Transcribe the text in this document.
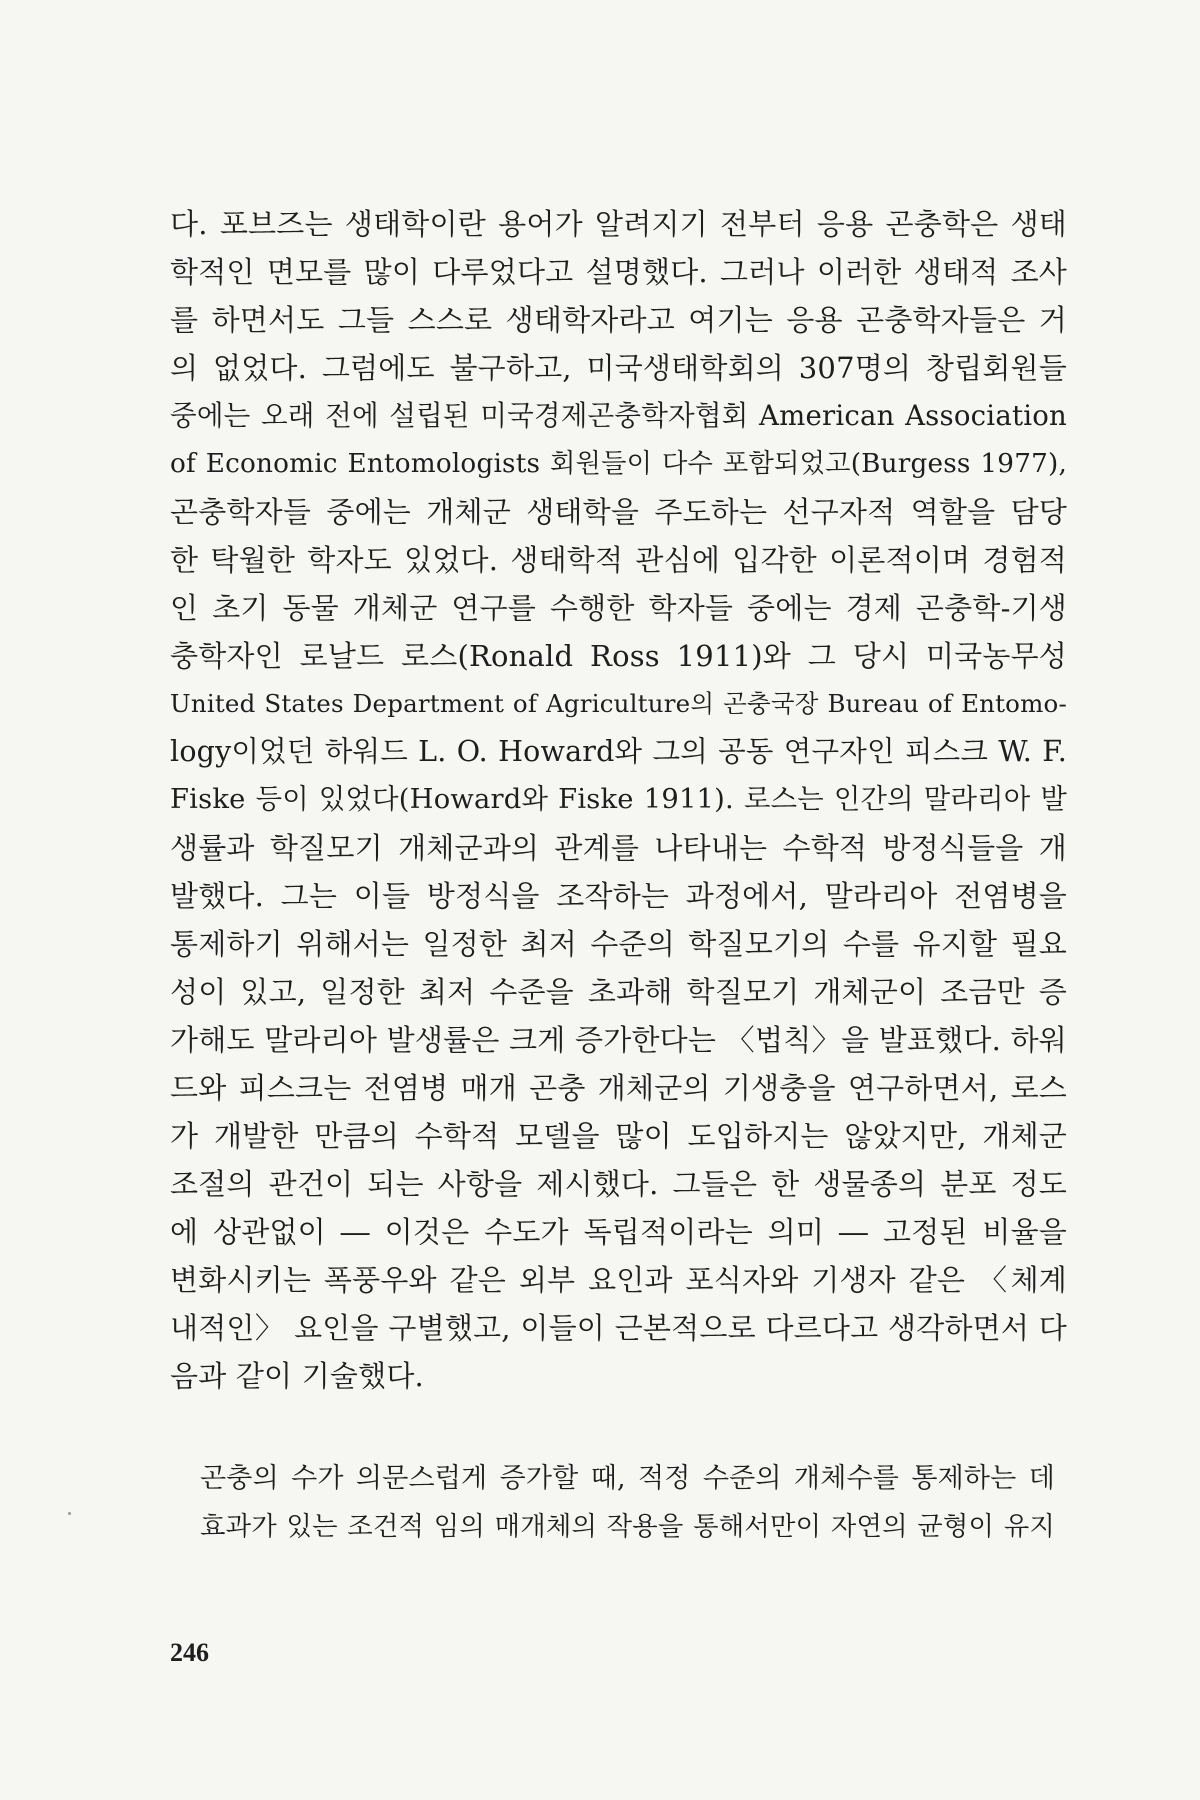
다. 포브즈는 생태학이란 용어가 알려지기 전부터 응용 곤충학은 생태
학적인 면모를 많이 다루었다고 설명했다. 그러나 이러한 생태적 조사
를 하면서도 그들 스스로 생태학자라고 여기는 응용 곤충학자들은 거
의 없었다. 그럼에도 불구하고, 미국생태학회의 307명의 창립회원들
중에는 오래 전에 설립된 미국경제곤충학자협회 American Association
of Economic Entomologists 회원들이 다수 포함되었고(Burgess 1977),
곤충학자들 중에는 개체군 생태학을 주도하는 선구자적 역할을 담당
한 탁월한 학자도 있었다. 생태학적 관심에 입각한 이론적이며 경험적
인 초기 동물 개체군 연구를 수행한 학자들 중에는 경제 곤충학-기생
충학자인 로날드 로스(Ronald Ross 1911)와 그 당시 미국농무성
United States Department of Agriculture의 곤충국장 Bureau of Entomo-
logy이었던 하워드 L. O. Howard와 그의 공동 연구자인 피스크 W. F.
Fiske 등이 있었다(Howard와 Fiske 1911). 로스는 인간의 말라리아 발
생률과 학질모기 개체군과의 관계를 나타내는 수학적 방정식들을 개
발했다. 그는 이들 방정식을 조작하는 과정에서, 말라리아 전염병을
통제하기 위해서는 일정한 최저 수준의 학질모기의 수를 유지할 필요
성이 있고, 일정한 최저 수준을 초과해 학질모기 개체군이 조금만 증
가해도 말라리아 발생률은 크게 증가한다는 〈법칙〉을 발표했다. 하워
드와 피스크는 전염병 매개 곤충 개체군의 기생충을 연구하면서, 로스
가 개발한 만큼의 수학적 모델을 많이 도입하지는 않았지만, 개체군
조절의 관건이 되는 사항을 제시했다. 그들은 한 생물종의 분포 정도
에 상관없이 ― 이것은 수도가 독립적이라는 의미 ― 고정된 비율을
변화시키는 폭풍우와 같은 외부 요인과 포식자와 기생자 같은 〈체계
내적인〉 요인을 구별했고, 이들이 근본적으로 다르다고 생각하면서 다
음과 같이 기술했다.
곤충의 수가 의문스럽게 증가할 때, 적정 수준의 개체수를 통제하는 데
효과가 있는 조건적 임의 매개체의 작용을 통해서만이 자연의 균형이 유지
246
